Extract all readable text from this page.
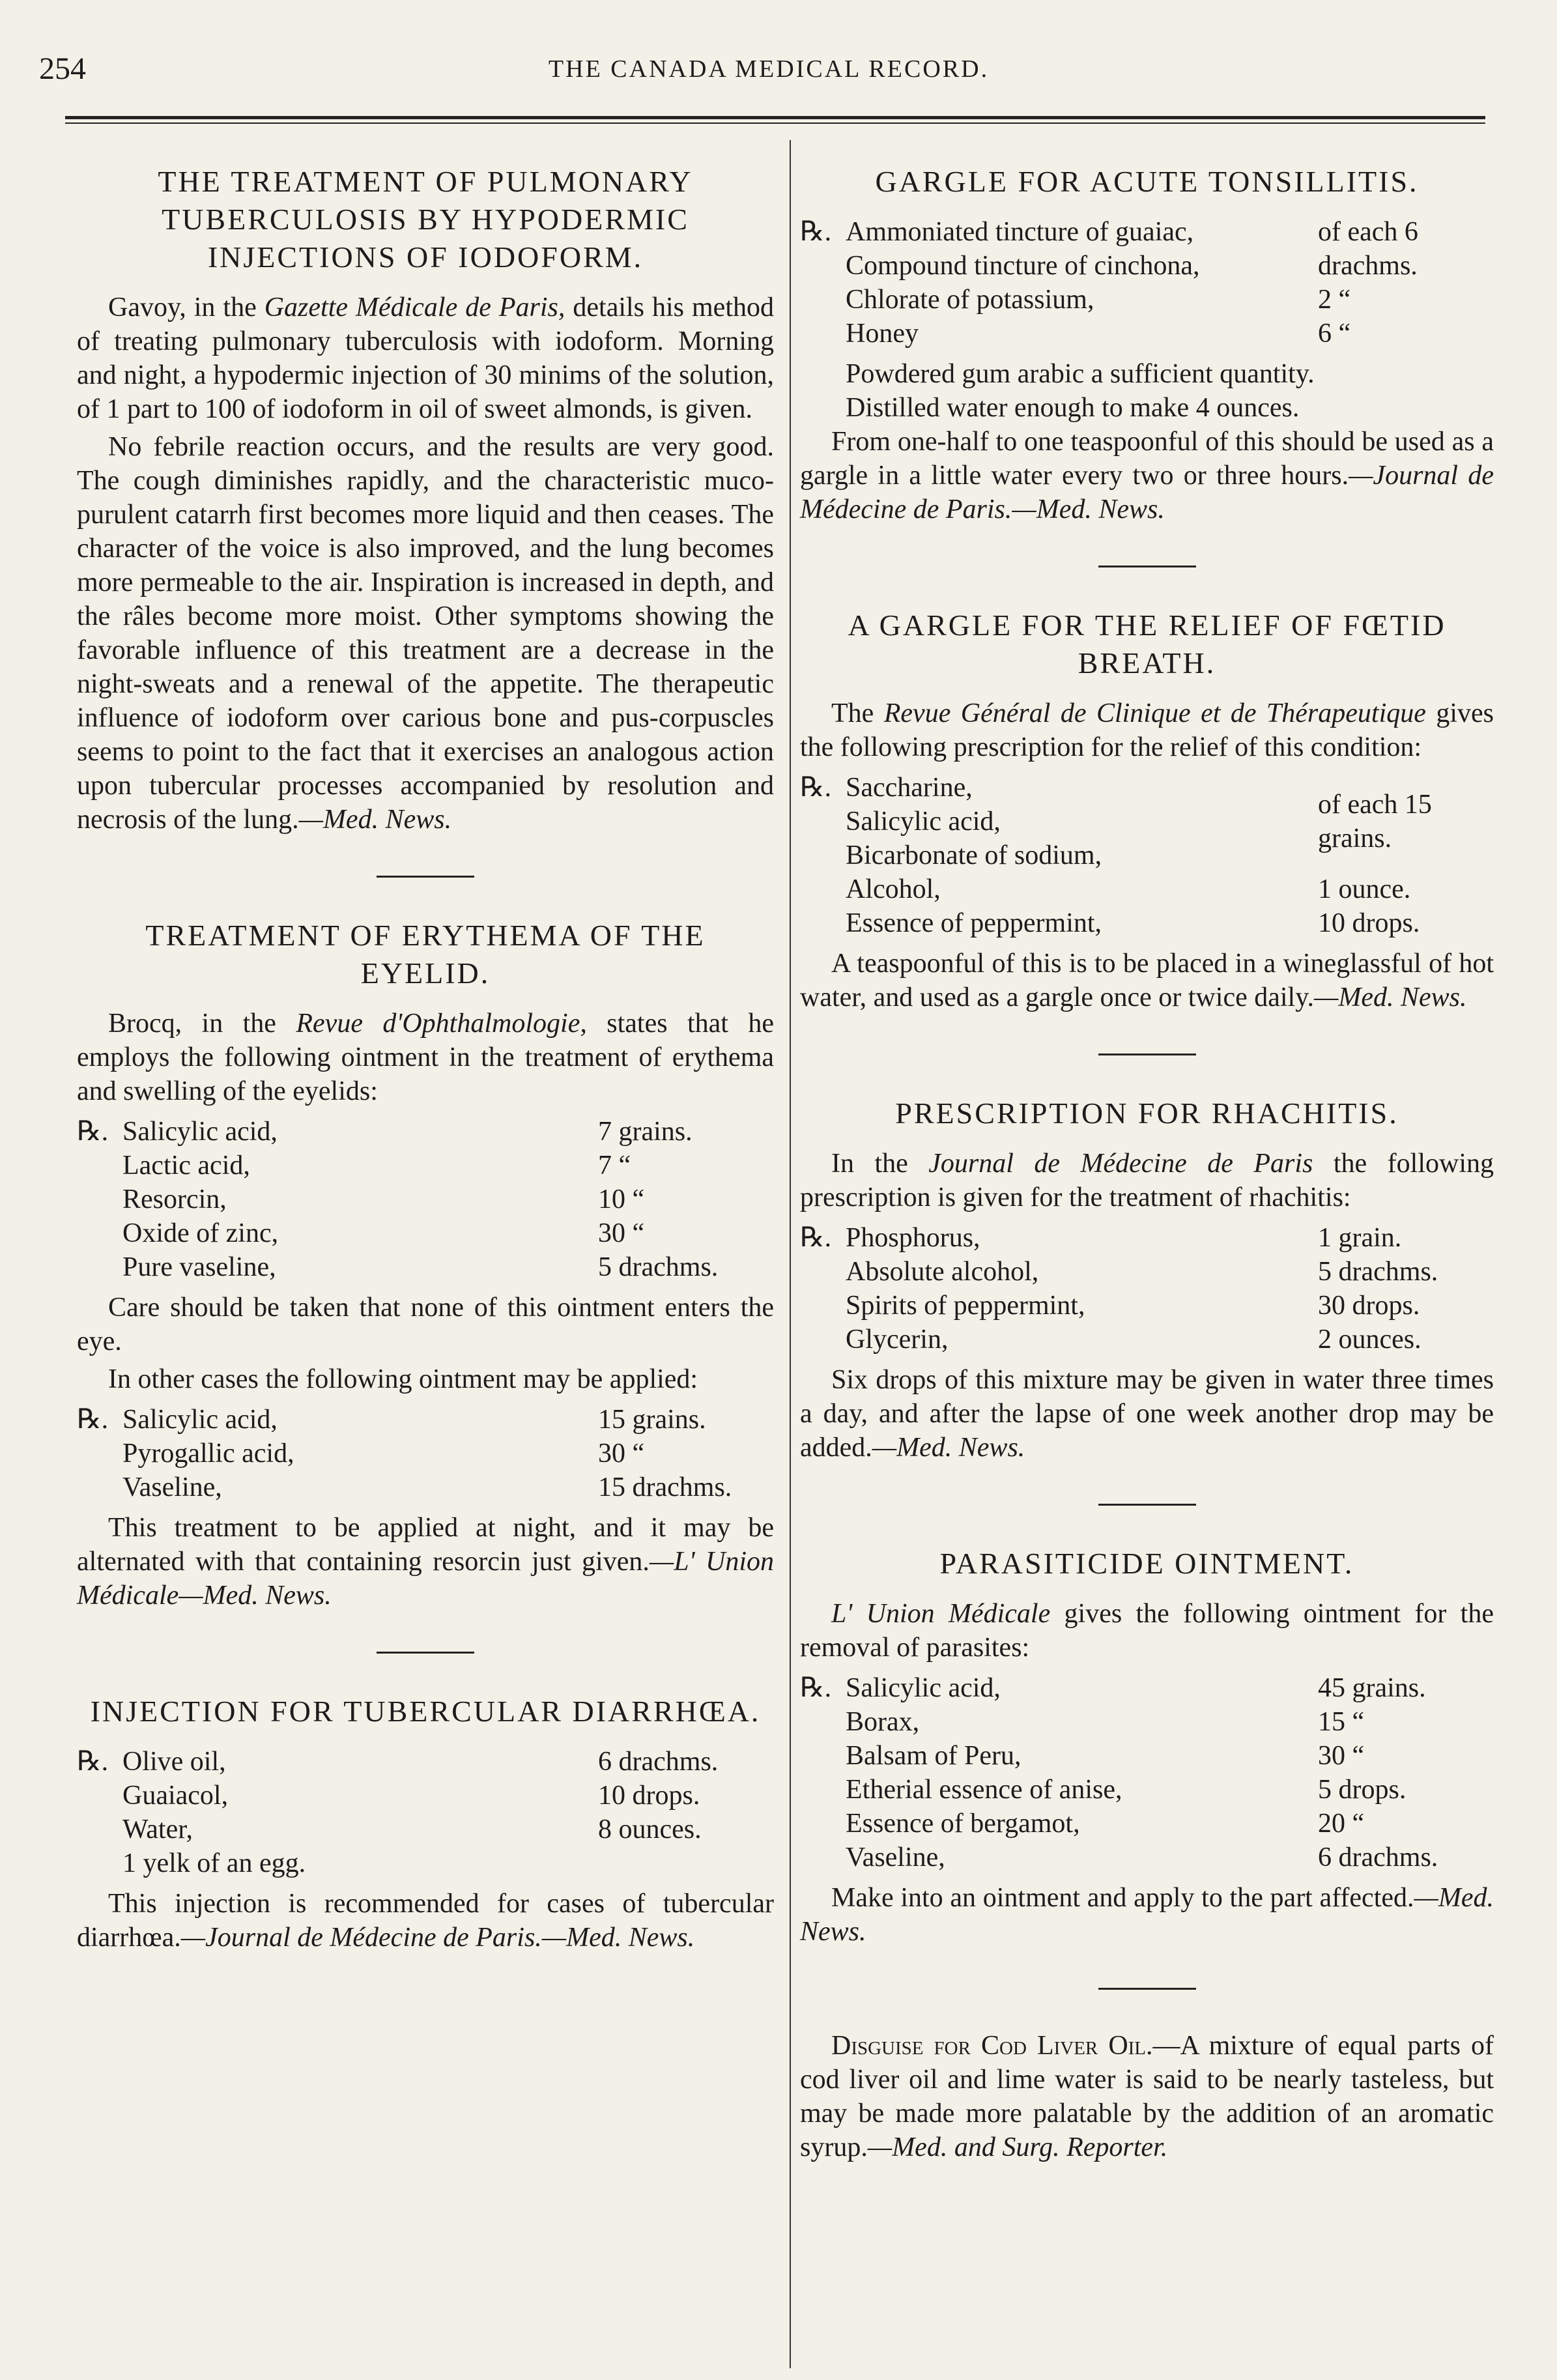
254	THE CANADA MEDICAL RECORD.
THE TREATMENT OF PULMONARY TUBERCULOSIS BY HYPODERMIC INJECTIONS OF IODOFORM.

Gavoy, in the Gazette Médicale de Paris, details his method of treating pulmonary tuberculosis with iodoform. Morning and night, a hypodermic injection of 30 minims of the solution, of 1 part to 100 of iodoform in oil of sweet almonds, is given.

No febrile reaction occurs, and the results are very good. The cough diminishes rapidly, and the characteristic muco-purulent catarrh first becomes more liquid and then ceases. The character of the voice is also improved, and the lung becomes more permeable to the air. Inspiration is increased in depth, and the râles become more moist. Other symptoms showing the favorable influence of this treatment are a decrease in the night-sweats and a renewal of the appetite. The therapeutic influence of iodoform over carious bone and pus-corpuscles seems to point to the fact that it exercises an analogous action upon tubercular processes accompanied by resolution and necrosis of the lung.—Med. News.

TREATMENT OF ERYTHEMA OF THE EYELID.

Brocq, in the Revue d'Ophthalmologie, states that he employs the following ointment in the treatment of erythema and swelling of the eyelids:

℞. Salicylic acid,	7 grains.
Lactic acid,	7 “
Resorcin,	10 “
Oxide of zinc,	30 “
Pure vaseline,	5 drachms.

Care should be taken that none of this ointment enters the eye.

In other cases the following ointment may be applied:

℞. Salicylic acid,	15 grains.
Pyrogallic acid,	30 “
Vaseline,	15 drachms.

This treatment to be applied at night, and it may be alternated with that containing resorcin just given.—L' Union Médicale—Med. News.

INJECTION FOR TUBERCULAR DIARRHŒA.
℞. Olive oil,	6 drachms.
Guaiacol,	10 drops.
Water,	8 ounces.
1 yelk of an egg.

This injection is recommended for cases of tubercular diarrhœa.—Journal de Médecine de Paris.—Med. News.

GARGLE FOR ACUTE TONSILLITIS.
℞. Ammoniated tincture of guaiac,
Compound tincture of cinchona,
of each 6 drachms.
Chlorate of potassium,	2 “
Honey	6 “
Powdered gum arabic a sufficient quantity.
Distilled water enough to make 4 ounces.

From one-half to one teaspoonful of this should be used as a gargle in a little water every two or three hours.—Journal de Médecine de Paris.—Med. News.

A GARGLE FOR THE RELIEF OF FŒTID BREATH.

The Revue Général de Clinique et de Thérapeutique gives the following prescription for the relief of this condition:

℞. Saccharine,
Salicylic acid,
Bicarbonate of sodium,
of each 15 grains.
Alcohol,	1 ounce.
Essence of peppermint,	10 drops.

A teaspoonful of this is to be placed in a wineglassful of hot water, and used as a gargle once or twice daily.—Med. News.

PRESCRIPTION FOR RHACHITIS.

In the Journal de Médecine de Paris the following prescription is given for the treatment of rhachitis:

℞. Phosphorus,	1 grain.
Absolute alcohol,	5 drachms.
Spirits of peppermint,	30 drops.
Glycerin,	2 ounces.

Six drops of this mixture may be given in water three times a day, and after the lapse of one week another drop may be added.—Med. News.

PARASITICIDE OINTMENT.

L' Union Médicale gives the following ointment for the removal of parasites:

℞. Salicylic acid,	45 grains.
Borax,	15 “
Balsam of Peru,	30 “
Etherial essence of anise,	5 drops.
Essence of bergamot,	20 “
Vaseline,	6 drachms.

Make into an ointment and apply to the part affected.—Med. News.

Disguise for Cod Liver Oil.—A mixture of equal parts of cod liver oil and lime water is said to be nearly tasteless, but may be made more palatable by the addition of an aromatic syrup.—Med. and Surg. Reporter.
